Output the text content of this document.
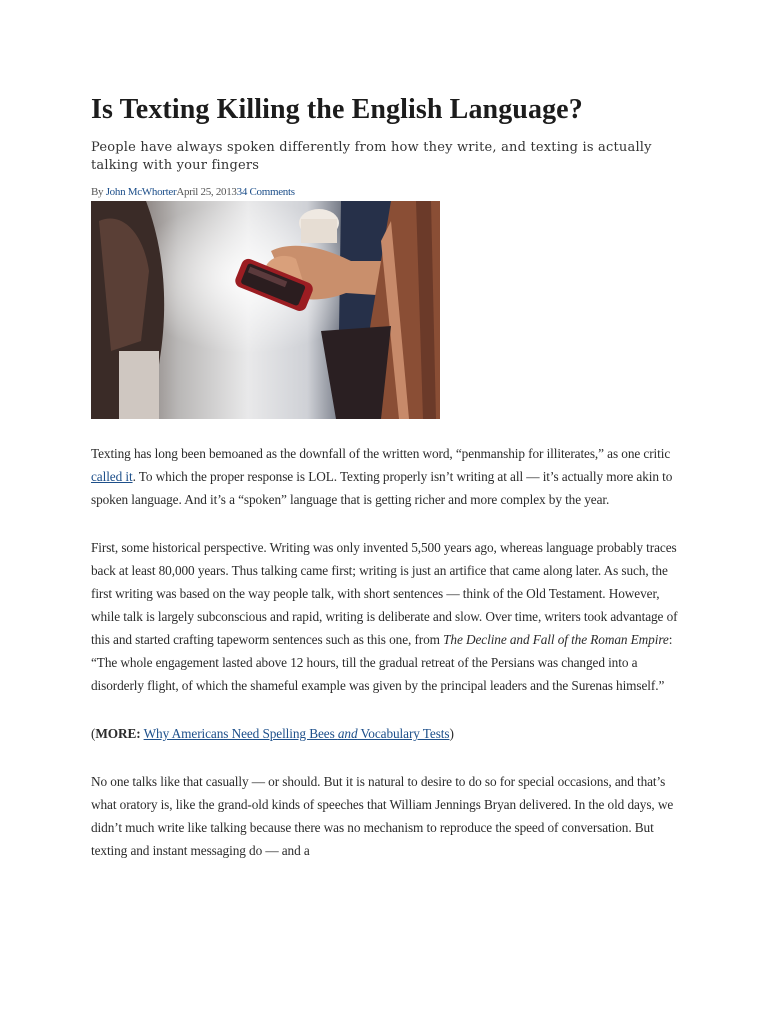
Is Texting Killing the English Language?

People have always spoken differently from how they write, and texting is actually talking with your fingers

By John McWhorterApril 25, 201334 Comments

Texting has long been bemoaned as the downfall of the written word, “penmanship for illiterates,” as one critic called it. To which the proper response is LOL. Texting properly isn’t writing at all — it’s actually more akin to spoken language. And it’s a “spoken” language that is getting richer and more complex by the year.

First, some historical perspective. Writing was only invented 5,500 years ago, whereas language probably traces back at least 80,000 years. Thus talking came first; writing is just an artifice that came along later. As such, the first writing was based on the way people talk, with short sentences — think of the Old Testament. However, while talk is largely subconscious and rapid, writing is deliberate and slow. Over time, writers took advantage of this and started crafting tapeworm sentences such as this one, from The Decline and Fall of the Roman Empire: “The whole engagement lasted above 12 hours, till the gradual retreat of the Persians was changed into a disorderly flight, of which the shameful example was given by the principal leaders and the Surenas himself.”

(MORE: Why Americans Need Spelling Bees and Vocabulary Tests)

No one talks like that casually — or should. But it is natural to desire to do so for special occasions, and that’s what oratory is, like the grand-old kinds of speeches that William Jennings Bryan delivered. In the old days, we didn’t much write like talking because there was no mechanism to reproduce the speed of conversation. But texting and instant messaging do — and a
